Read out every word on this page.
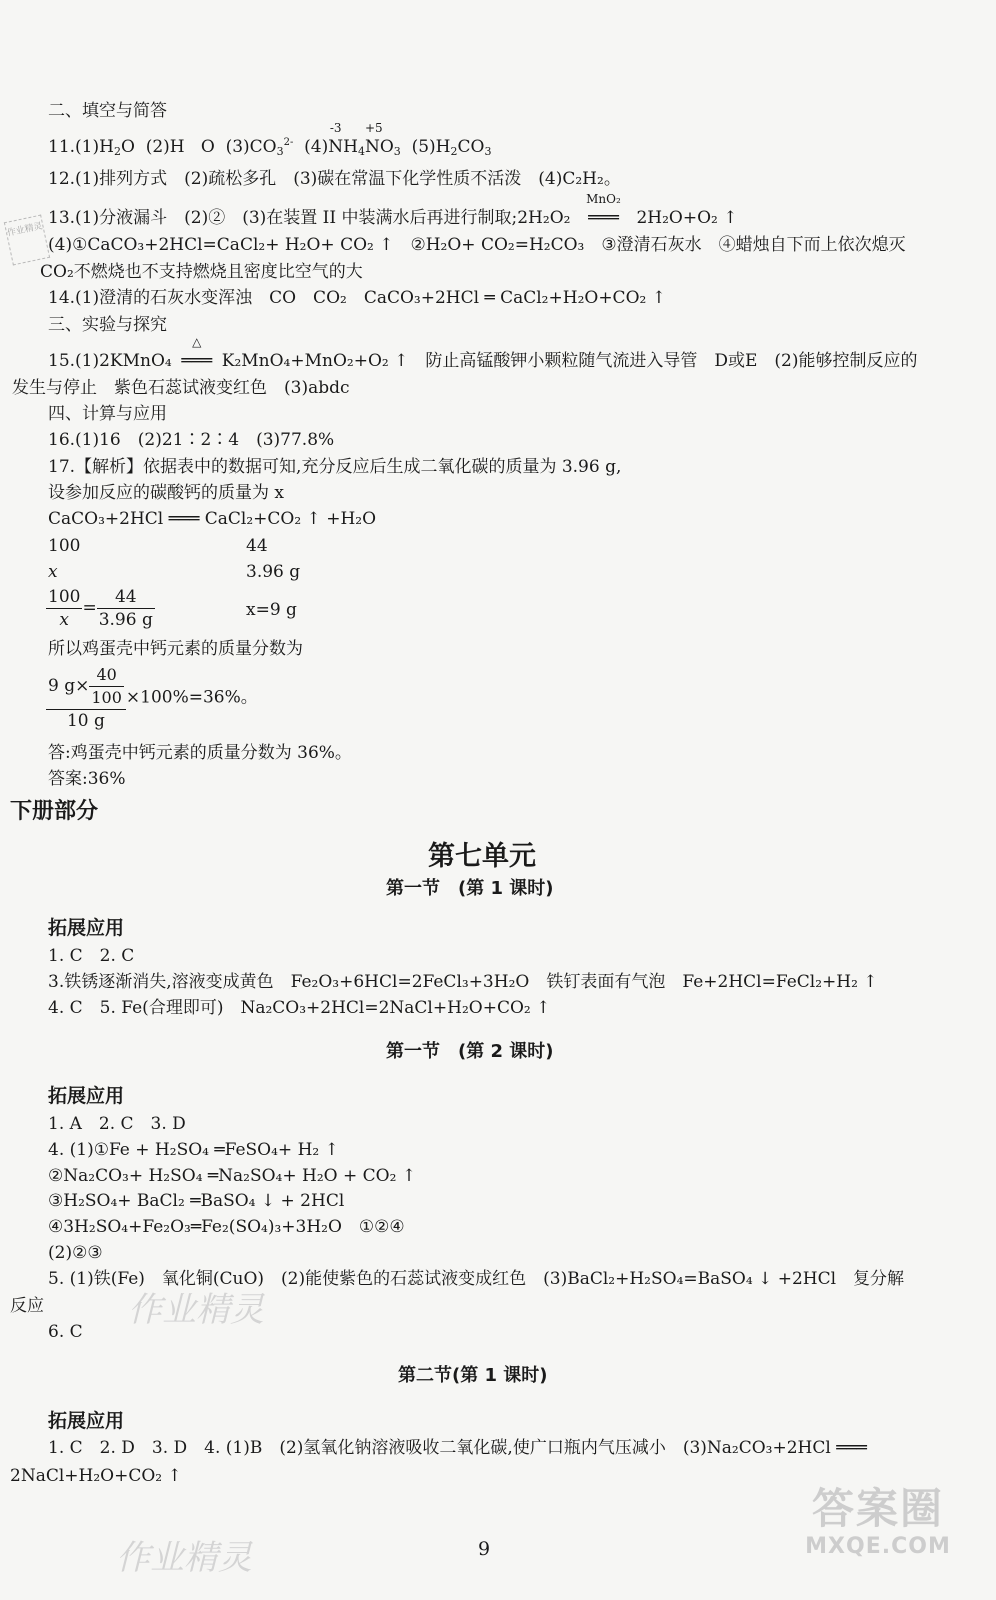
作业精灵
作业精灵
作业精灵
答案圈
MXQE.COM
二、填空与简答
$11.(1)H_2O$ (2)H O $(3)CO_3^{2-}$ (4)
-3
$NH_4$
+5
$NO_3$ $(5)H_2CO_3$
12.(1)排列方式　(2)疏松多孔　(3)碳在常温下化学性质不活泼　(4)C₂H₂。
13.(1)分液漏斗　(2)②　(3)在装置 II 中装满水后再进行制取;2H₂O₂
MnO₂
═══ 2H₂O+O₂ ↑
(4)①CaCO₃+2HCl=CaCl₂+ H₂O+ CO₂ ↑　②H₂O+ CO₂=H₂CO₃　③澄清石灰水　④蜡烛自下而上依次熄灭
CO₂不燃烧也不支持燃烧且密度比空气的大
14.(1)澄清的石灰水变浑浊　CO　CO₂　CaCO₃+2HCl ═ CaCl₂+H₂O+CO₂ ↑
三、实验与探究
15.(1)2KMnO₄
△
═══ K₂MnO₄+MnO₂+O₂ ↑　防止高锰酸钾小颗粒随气流进入导管　D或E　(2)能够控制反应的
发生与停止　紫色石蕊试液变红色　(3)abdc
四、计算与应用
16.(1)16　(2)21∶2∶4　(3)77.8%
17.【解析】依据表中的数据可知,充分反应后生成二氧化碳的质量为 3.96 g,
设参加反应的碳酸钙的质量为 x
CaCO₃+2HCl ═══ CaCl₂+CO₂ ↑ +H₂O
100	44
x	3.96 g
$\frac{100}{x} = \frac{44}{3.96 g}$	x=9 g
所以鸡蛋壳中钙元素的质量分数为
$\frac{9 g\times \frac{40}{100}}{10 g} \times 100\%=36\%$。
答:鸡蛋壳中钙元素的质量分数为 36%。
答案:36%
下册部分
第七单元
第一节　(第 1 课时)
拓展应用
1. C　2. C
3.铁锈逐渐消失,溶液变成黄色　Fe₂O₃+6HCl=2FeCl₃+3H₂O　铁钉表面有气泡　Fe+2HCl=FeCl₂+H₂ ↑
4. C　5. Fe(合理即可)　Na₂CO₃+2HCl=2NaCl+H₂O+CO₂ ↑
第一节　(第 2 课时)
拓展应用
1. A　2. C　3. D
4. (1)①Fe + H₂SO₄ ═FeSO₄+ H₂ ↑
②Na₂CO₃+ H₂SO₄ ═Na₂SO₄+ H₂O + CO₂ ↑
③H₂SO₄+ BaCl₂ ═BaSO₄ ↓ + 2HCl
④3H₂SO₄+Fe₂O₃═Fe₂(SO₄)₃+3H₂O　①②④
(2)②③
5. (1)铁(Fe)　氧化铜(CuO)　(2)能使紫色的石蕊试液变成红色　(3)BaCl₂+H₂SO₄=BaSO₄ ↓ +2HCl　复分解
反应
6. C
第二节(第 1 课时)
拓展应用
1. C　2. D　3. D　4. (1)B　(2)氢氧化钠溶液吸收二氧化碳,使广口瓶内气压减小　(3)Na₂CO₃+2HCl ═══
2NaCl+H₂O+CO₂ ↑
9
